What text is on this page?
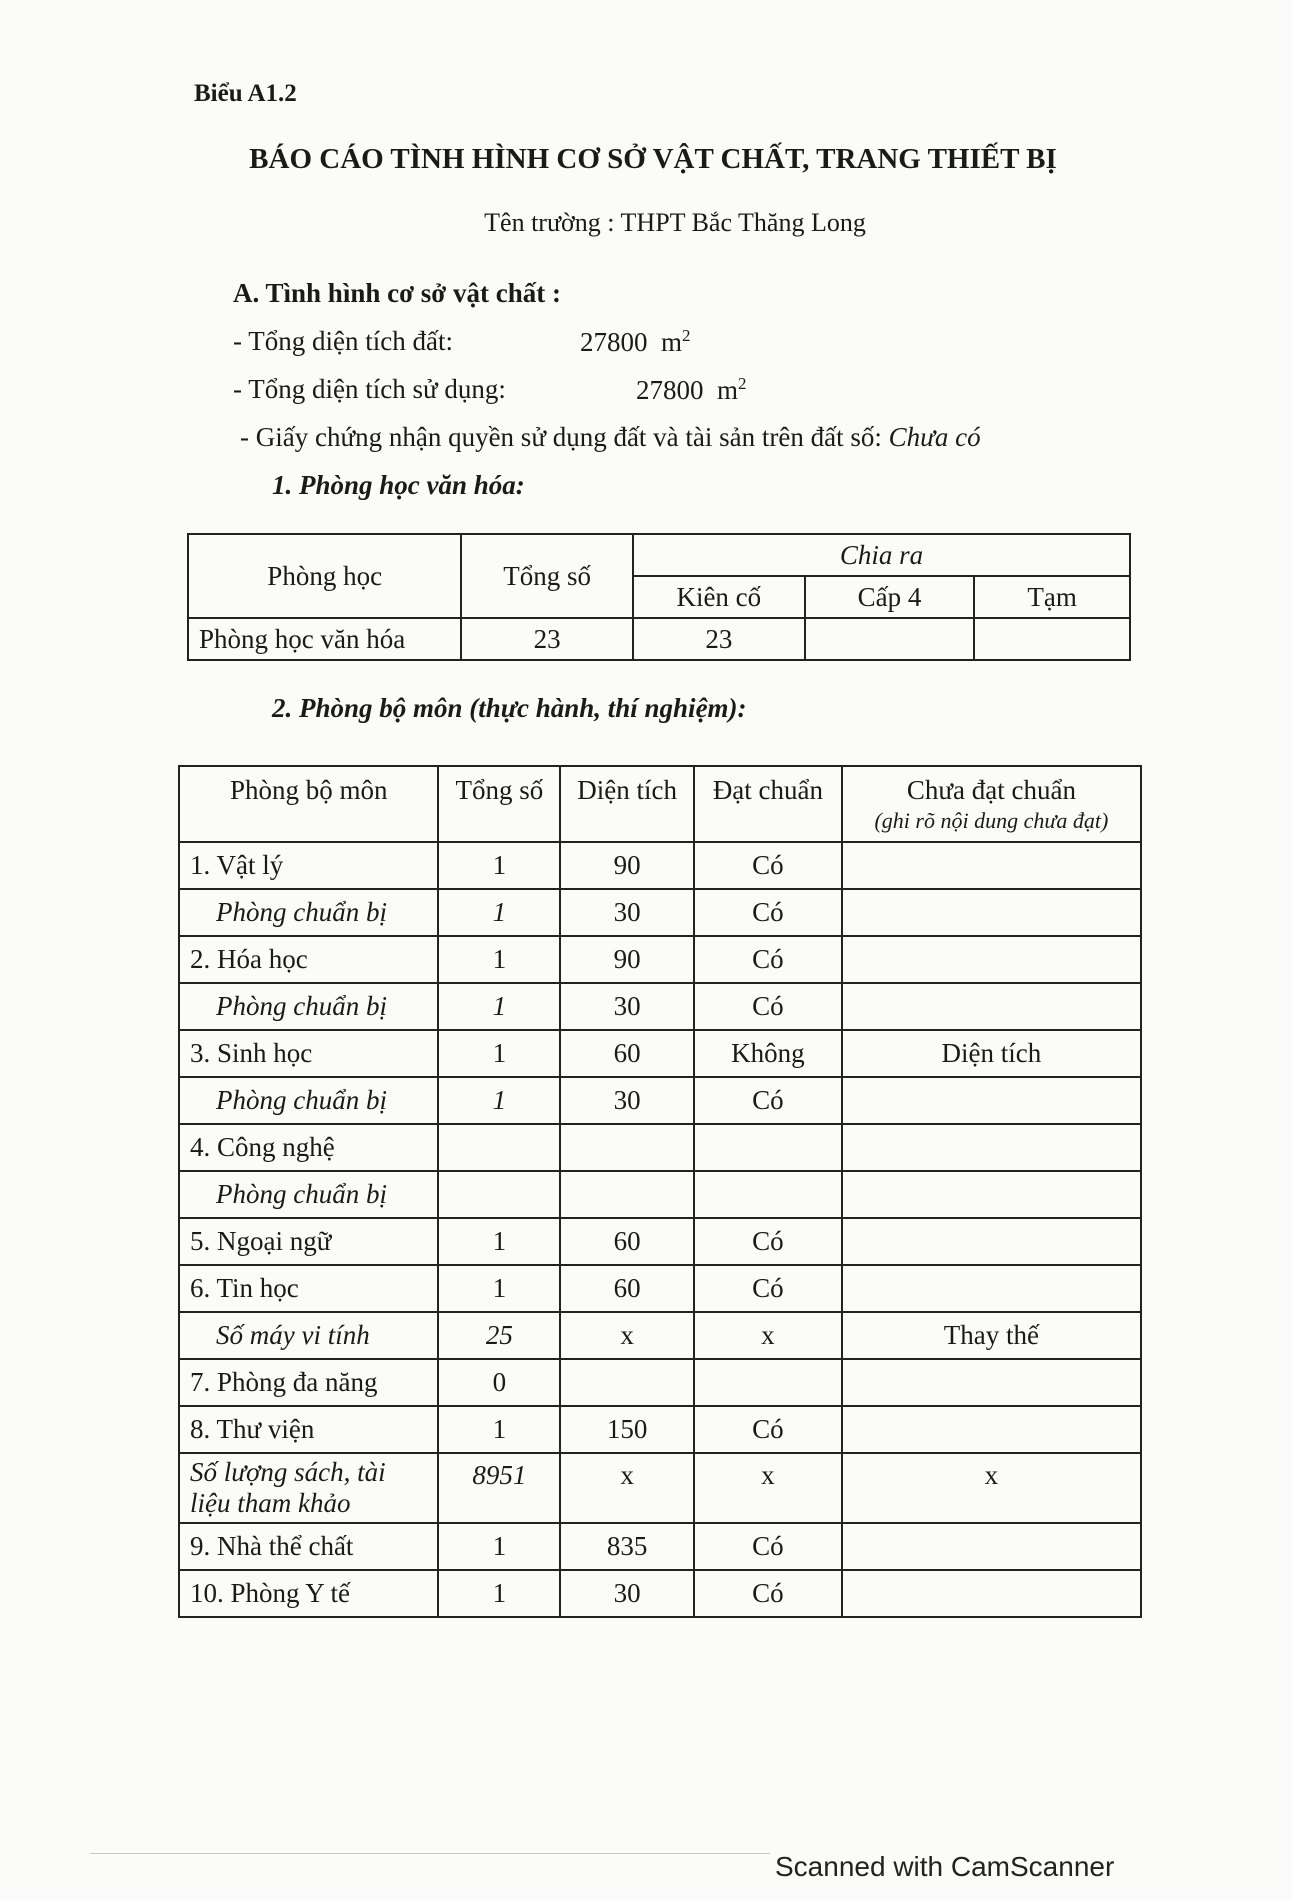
Biểu A1.2
BÁO CÁO TÌNH HÌNH CƠ SỞ VẬT CHẤT, TRANG THIẾT BỊ
Tên trường : THPT Bắc Thăng Long
A. Tình hình cơ sở vật chất :
- Tổng diện tích đất:	27800 $m^2$
- Tổng diện tích sử dụng:	27800 $m^2$
- Giấy chứng nhận quyền sử dụng đất và tài sản trên đất số: Chưa có
1. Phòng học văn hóa:
Phòng học	Tổng số	Chia ra		
		Kiên cố	Cấp 4	Tạm
Phòng học văn hóa	23	23		
2. Phòng bộ môn (thực hành, thí nghiệm):
Phòng bộ môn	Tổng số	Diện tích	Đạt chuẩn	Chưa đạt chuẩn
(ghi rõ nội dung chưa đạt)

1. Vật lý	1	90	Có	
Phòng chuẩn bị	1	30	Có	
2. Hóa học	1	90	Có	
Phòng chuẩn bị	1	30	Có	
3. Sinh học	1	60	Không	Diện tích
Phòng chuẩn bị	1	30	Có	
4. Công nghệ				
Phòng chuẩn bị				
5. Ngoại ngữ	1	60	Có	
6. Tin học	1	60	Có	
Số máy vi tính	25	x	x	Thay thế
7. Phòng đa năng	0			
8. Thư viện	1	150	Có	
Số lượng sách, tài liệu tham khảo	8951	x	x	x
9. Nhà thể chất	1	835	Có	
10. Phòng Y tế	1	30	Có	
Scanned with CamScanner
